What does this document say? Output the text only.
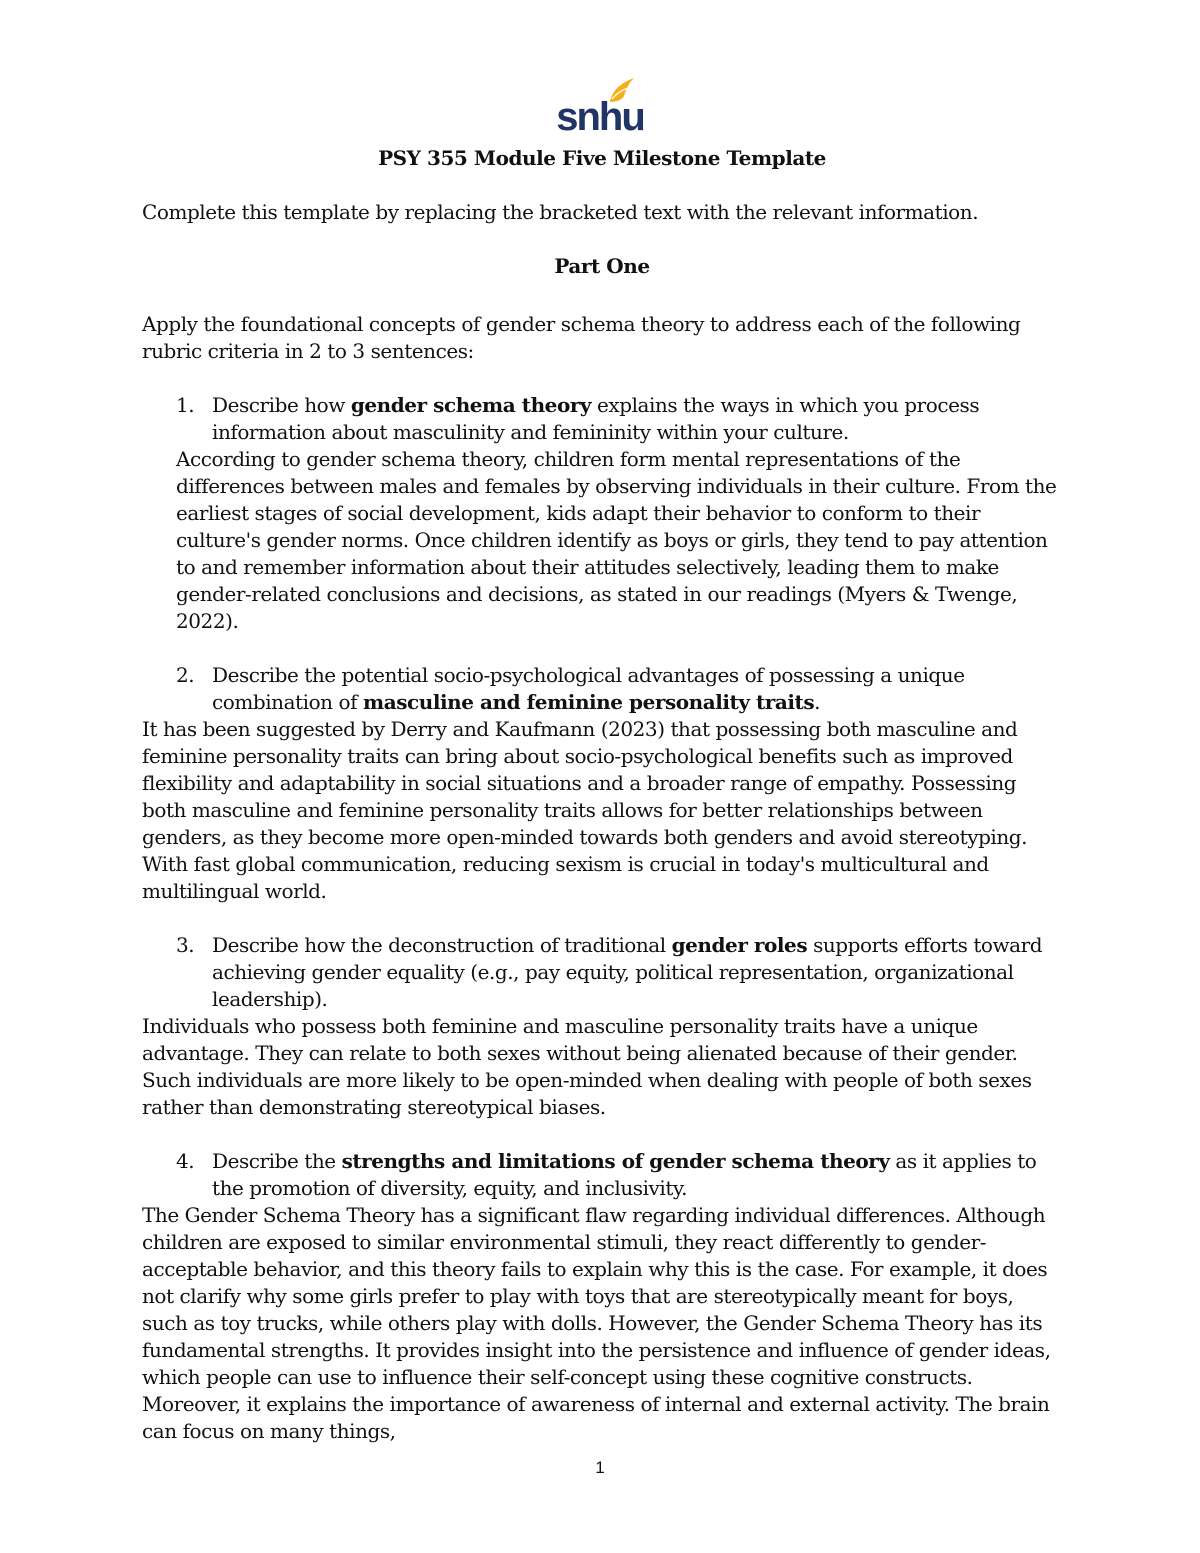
snhu
PSY 355 Module Five Milestone Template

Complete this template by replacing the bracketed text with the relevant information.

Part One

Apply the foundational concepts of gender schema theory to address each of the following rubric criteria in 2 to 3 sentences:

1. Describe how gender schema theory explains the ways in which you process information about masculinity and femininity within your culture.

According to gender schema theory, children form mental representations of the differences between males and females by observing individuals in their culture. From the earliest stages of social development, kids adapt their behavior to conform to their culture's gender norms. Once children identify as boys or girls, they tend to pay attention to and remember information about their attitudes selectively, leading them to make gender-related conclusions and decisions, as stated in our readings (Myers & Twenge, 2022).

2. Describe the potential socio-psychological advantages of possessing a unique combination of masculine and feminine personality traits.

It has been suggested by Derry and Kaufmann (2023) that possessing both masculine and feminine personality traits can bring about socio-psychological benefits such as improved flexibility and adaptability in social situations and a broader range of empathy. Possessing both masculine and feminine personality traits allows for better relationships between genders, as they become more open-minded towards both genders and avoid stereotyping. With fast global communication, reducing sexism is crucial in today's multicultural and multilingual world.

3. Describe how the deconstruction of traditional gender roles supports efforts toward achieving gender equality (e.g., pay equity, political representation, organizational leadership).

Individuals who possess both feminine and masculine personality traits have a unique advantage. They can relate to both sexes without being alienated because of their gender. Such individuals are more likely to be open-minded when dealing with people of both sexes rather than demonstrating stereotypical biases.

4. Describe the strengths and limitations of gender schema theory as it applies to the promotion of diversity, equity, and inclusivity.

The Gender Schema Theory has a significant flaw regarding individual differences. Although children are exposed to similar environmental stimuli, they react differently to gender-acceptable behavior, and this theory fails to explain why this is the case. For example, it does not clarify why some girls prefer to play with toys that are stereotypically meant for boys, such as toy trucks, while others play with dolls. However, the Gender Schema Theory has its fundamental strengths. It provides insight into the persistence and influence of gender ideas, which people can use to influence their self-concept using these cognitive constructs. Moreover, it explains the importance of awareness of internal and external activity. The brain can focus on many things,

1
